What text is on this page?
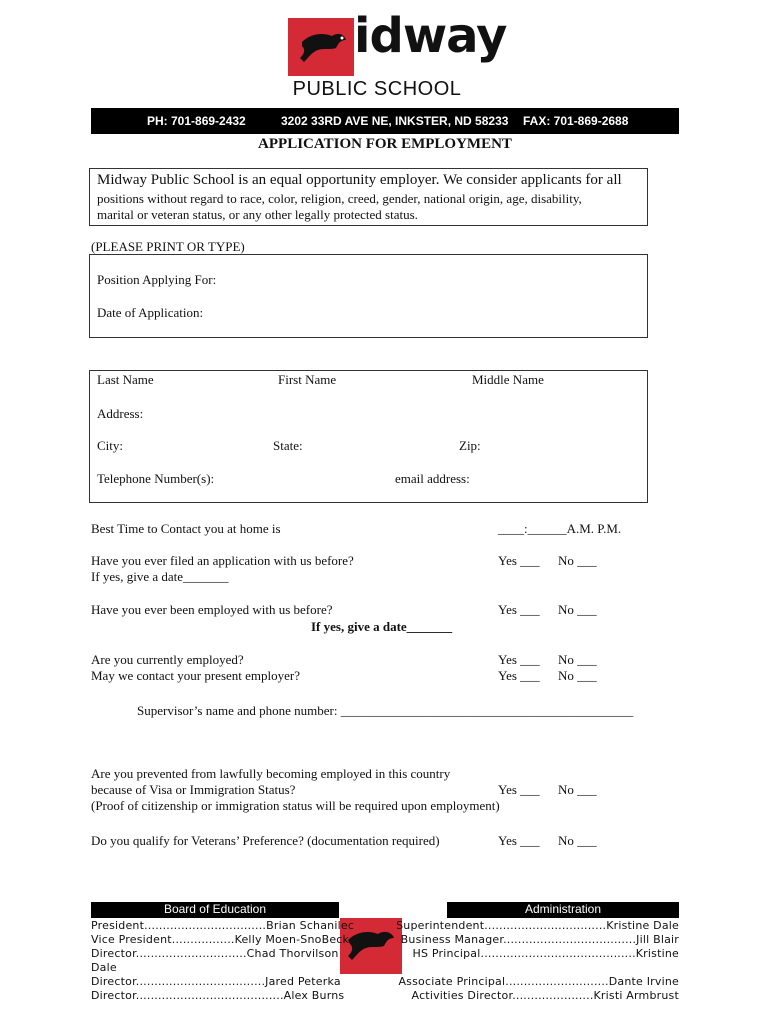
idway
PUBLIC SCHOOL
PH: 701-869-2432	3202 33RD AVE NE, INKSTER, ND 58233 FAX: 701-869-2688
APPLICATION FOR EMPLOYMENT
Midway Public School is an equal opportunity employer. We consider applicants for all
positions without regard to race, color, religion, creed, gender, national origin, age, disability,
marital or veteran status, or any other legally protected status.
(PLEASE PRINT OR TYPE)
Position Applying For:
Date of Application:
Last Name	First Name	Middle Name
Address:
City:	State:	Zip:
Telephone Number(s):	email address:
Best Time to Contact you at home is	____:______A.M. P.M.
Have you ever filed an application with us before?
If yes, give a date_______
Yes ___ No ___
Have you ever been employed with us before?
If yes, give a date_______
Yes ___ No ___
Are you currently employed?
May we contact your present employer?
Yes ___ No ___
Yes ___ No ___
Supervisor’s name and phone number: _____________________________________________
Are you prevented from lawfully becoming employed in this country
because of Visa or Immigration Status?
(Proof of citizenship or immigration status will be required upon employment)
Yes ___ No ___
Do you qualify for Veterans’ Preference? (documentation required)	Yes ___ No ___
Board of Education	Administration
President.................................Brian Schanilec
Vice President.................Kelly Moen-SnoBeck
Director..............................Chad Thorvilson
Dale
Director...................................Jared Peterka
Director........................................Alex Burns
Superintendent.................................Kristine Dale
Business Manager....................................Jill Blair
HS Principal..........................................Kristine
Associate Principal............................Dante Irvine
Activities Director......................Kristi Armbrust
